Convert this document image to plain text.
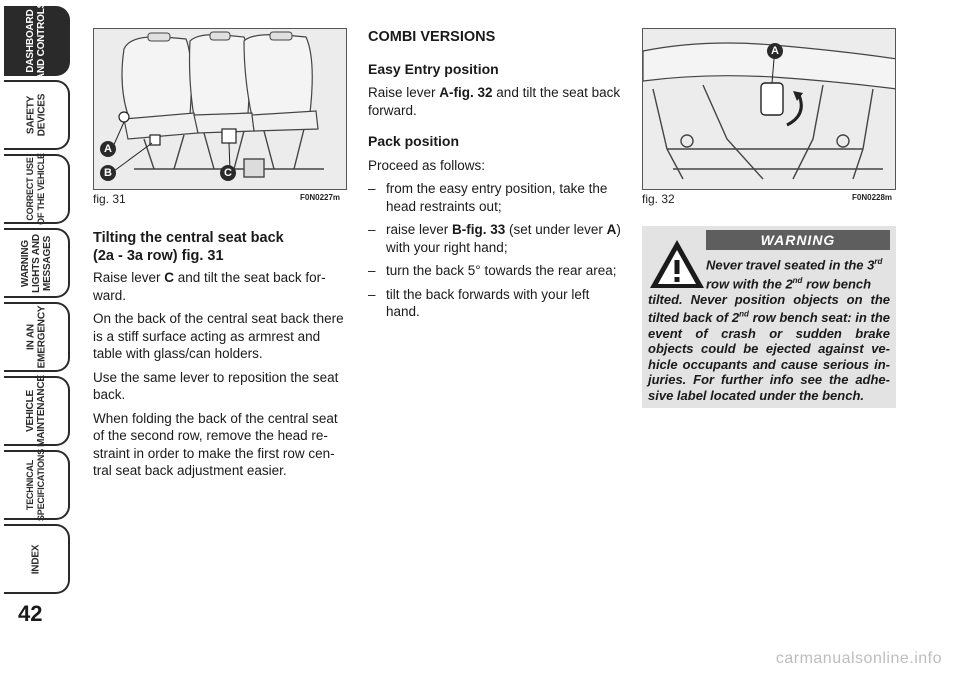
DASHBOARD
AND CONTROLS
SAFETY
DEVICES
CORRECT USE
OF THE VEHICLE
WARNING
LIGHTS AND
MESSAGES
IN AN
EMERGENCY
VEHICLE
MAINTENANCE
TECHNICAL
SPECIFICATIONS
INDEX
42
A
B	C
fig. 31	F0N0227m
Tilting the central seat back
(2a - 3a row) fig. 31

Raise lever C and tilt the seat back for-ward.

On the back of the central seat back there is a stiff surface acting as armrest and table with glass/can holders.

Use the same lever to reposition the seat back.

When folding the back of the central seat of the second row, remove the head re-straint in order to make the first row cen-tral seat back adjustment easier.

COMBI VERSIONS
Easy Entry position

Raise lever A-fig. 32 and tilt the seat back forward.

Pack position

Proceed as follows:

– from the easy entry position, take the head restraints out;

– raise lever B-fig. 33 (set under lever A) with your right hand;

– turn the back 5° towards the rear area;

– tilt the back forwards with your left hand.

A
fig. 32	F0N0228m
WARNING
Never travel seated in the 3rd
row with the 2nd row bench
tilted. Never position objects on the tilted back of 2nd row bench seat: in the event of crash or sudden brake objects could be ejected against ve-hicle occupants and cause serious in-juries. For further info see the adhe-sive label located under the bench.
carmanualsonline.info
